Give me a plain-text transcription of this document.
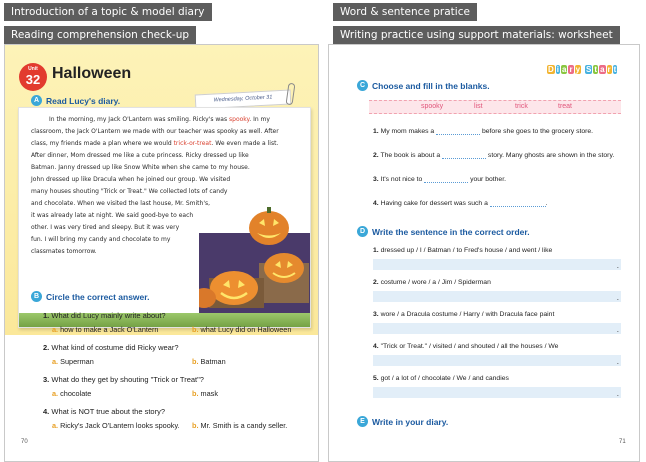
Introduction of a topic & model diary
Reading comprehension check-up
Word & sentence pratice
Writing practice using support materials: worksheet
Unit
32 Halloween
A Read Lucy's diary.	Wednesday, October 31
In the morning, my Jack O'Lantern was smiling. Ricky's was spooky. In my
classroom, the Jack O'Lantern we made with our teacher was spooky as well. After
class, my friends made a plan where we would trick-or-treat. We even made a list.
After dinner, Mom dressed me like a cute princess. Ricky dressed up like
Batman. Janny dressed up like Snow White when she came to my house.
John dressed up like Dracula when he joined our group. We visited
many houses shouting "Trick or Treat." We collected lots of candy
and chocolate. When we visited the last house, Mr. Smith's,
it was already late at night. We said good-bye to each
other. I was very tired and sleepy. But it was very
fun. I will bring my candy and chocolate to my
classmates tomorrow.
B Circle the correct answer.
1. What did Lucy mainly write about?
a. how to make a Jack O'Lantern	b. what Lucy did on Halloween
2. What kind of costume did Ricky wear?
a. Superman	b. Batman
3. What do they get by shouting "Trick or Treat"?
a. chocolate	b. mask
4. What is NOT true about the story?
a. Ricky's Jack O'Lantern looks spooky. b. Mr. Smith is a candy seller.
70
D i a r y S t a r t
C Choose and fill in the blanks.
spooky	list	trick	treat
1. My mom makes a	before she goes to the grocery store.
2. The book is about a	story. Many ghosts are shown in the story.
3. It's not nice to	your bother.
4. Having cake for dessert was such a	.
D Write the sentence in the correct order.
1. dressed up / I / Batman / to Fred's house / and went / like
.
2. costume / wore / a / Jim / Spiderman
.
3. wore / a Dracula costume / Harry / with Dracula face paint
.
4. "Trick or Treat." / visited / and shouted / all the houses / We
.
5. got / a lot of / chocolate / We / and candies
.
E Write in your diary.
71
